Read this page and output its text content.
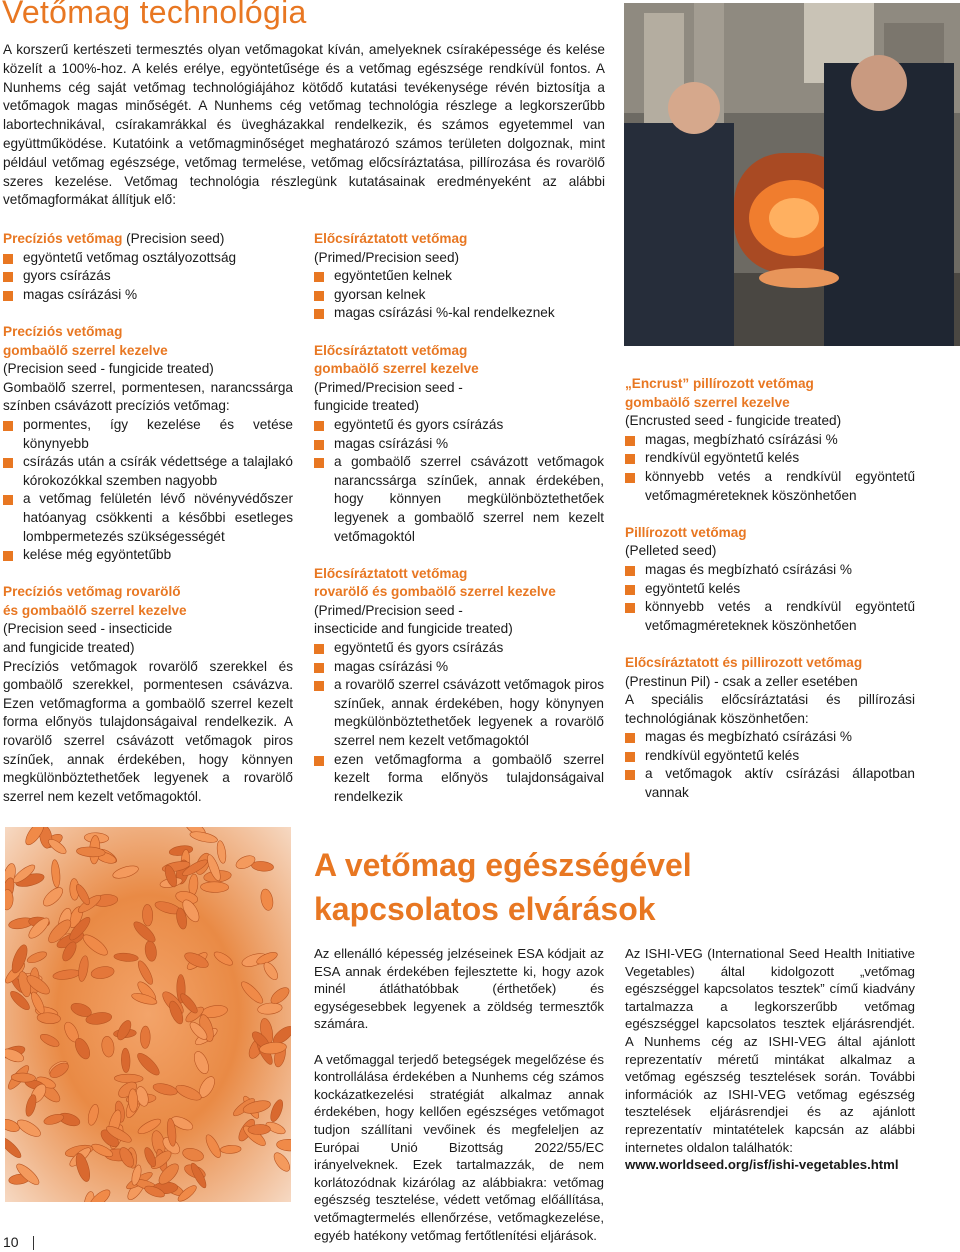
Vetőmag technológia

A korszerű kertészeti termesztés olyan vetőmagokat kíván, amelyeknek csíraképessége és kelése közelít a 100%-hoz. A kelés erélye, egyöntetűsége és a vetőmag egészsége rendkívül fontos. A Nunhems cég saját vetőmag technológiájához kötődő kutatási tevékenysége révén biztosítja a vetőmagok magas minőségét. A Nunhems cég vetőmag technológia részlege a legkorszerűbb labortechnikával, csírakamrákkal és üvegházakkal rendelkezik, és számos egyetemmel van együttműködése. Kutatóink a vetőmagminőséget meghatározó számos területen dolgoznak, mint például vetőmag egészsége, vetőmag termelése, vetőmag előcsíráztatása, pillírozása és rovarölő szeres kezelése. Vetőmag technológia részlegünk kutatásainak eredményeként az alábbi vetőmagformákat állítjuk elő:

Precíziós vetőmag (Precision seed)
egyöntetű vetőmag osztályozottság
gyors csírázás
magas csírázási %
Precíziós vetőmag
gombaölő szerrel kezelve
(Precision seed - fungicide treated)
Gombaölő szerrel, pormentesen, narancssárga színben csávázott precíziós vetőmag:
pormentes, így kezelése és vetése könynyebb
csírázás után a csírák védettsége a talajlakó kórokozókkal szemben nagyobb
a vetőmag felületén lévő növényvédőszer hatóanyag csökkenti a későbbi esetleges lombpermetezés szükségességét
kelése még egyöntetűbb
Precíziós vetőmag rovarölő
és gombaölő szerrel kezelve
(Precision seed - insecticide
and fungicide treated)
Precíziós vetőmagok rovarölő szerekkel és gombaölő szerekkel, pormentesen csávázva. Ezen vetőmagforma a gombaölő szerrel kezelt forma előnyös tulajdonságaival rendelkezik. A rovarölő szerrel csávázott vetőmagok piros színűek, annak érdekében, hogy könnyen megkülönböztethetőek legyenek a rovarölő szerrel nem kezelt vetőmagoktól.
Előcsíráztatott vetőmag
(Primed/Precision seed)
egyöntetűen kelnek
gyorsan kelnek
magas csírázási %-kal rendelkeznek
Előcsíráztatott vetőmag
gombaölő szerrel kezelve
(Primed/Precision seed -
fungicide treated)
egyöntetű és gyors csírázás
magas csírázási %
a gombaölő szerrel csávázott vetőmagok narancssárga színűek, annak érdekében, hogy könnyen megkülönböztethetőek legyenek a gombaölő szerrel nem kezelt vetőmagoktól
Előcsíráztatott vetőmag
rovarölő és gombaölő szerrel kezelve
(Primed/Precision seed -
insecticide and fungicide treated)
egyöntetű és gyors csírázás
magas csírázási %
a rovarölő szerrel csávázott vetőmagok piros színűek, annak érdekében, hogy könynyen megkülönböztethetőek legyenek a rovarölő szerrel nem kezelt vetőmagoktól
ezen vetőmagforma a gombaölő szerrel kezelt forma előnyös tulajdonságaival rendelkezik
„Encrust” pillírozott vetőmag
gombaölő szerrel kezelve
(Encrusted seed - fungicide treated)
magas, megbízható csírázási %
rendkívül egyöntetű kelés
könnyebb vetés a rendkívül egyöntetű vetőmagméreteknek köszönhetően
Pillírozott vetőmag
(Pelleted seed)
magas és megbízható csírázási %
egyöntetű kelés
könnyebb vetés a rendkívül egyöntetű vetőmagméreteknek köszönhetően
Előcsíráztatott és pillirozott vetőmag
(Prestinun Pil) - csak a zeller esetében
A speciális előcsíráztatási és pillírozási technológiának köszönhetően:
magas és megbízható csírázási %
rendkívül egyöntetű kelés
a vetőmagok aktív csírázási állapotban vannak
A vetőmag egészségével
kapcsolatos elvárások

Az ellenálló képesség jelzéseinek ESA kódjait az ESA annak érdekében fejlesztette ki, hogy azok minél átláthatóbbak (érthetőek) és egységesebbek legyenek a zöldség termesztők számára.

A vetőmaggal terjedő betegségek megelőzése és kontrollálása érdekében a Nunhems cég számos kockázatkezelési stratégiát alkalmaz annak érdekében, hogy kellően egészséges vetőmagot tudjon szállítani vevőinek és megfeleljen az Európai Unió Bizottság 2022/55/EC irányelveknek. Ezek tartalmazzák, de nem korlátozódnak kizárólag az alábbiakra: vetőmag egészség tesztelése, védett vetőmag előállítása, vetőmagtermelés ellenőrzése, vetőmagkezelése, egyéb hatékony vetőmag fertőtlenítési eljárások.

Az ISHI-VEG (International Seed Health Initiative Vegetables) által kidolgozott „vetőmag egészséggel kapcsolatos tesztek” című kiadvány tartalmazza a legkorszerűbb vetőmag egészséggel kapcsolatos tesztek eljárásrendjét. A Nunhems cég az ISHI-VEG által ajánlott reprezentatív méretű mintákat alkalmaz a vetőmag egészség tesztelések során. További információk az ISHI-VEG vetőmag egészség tesztelések eljárásrendjei és az ajánlott reprezentatív mintatételek kapcsán az alábbi internetes oldalon találhatók:

www.worldseed.org/isf/ishi-vegetables.html
10
